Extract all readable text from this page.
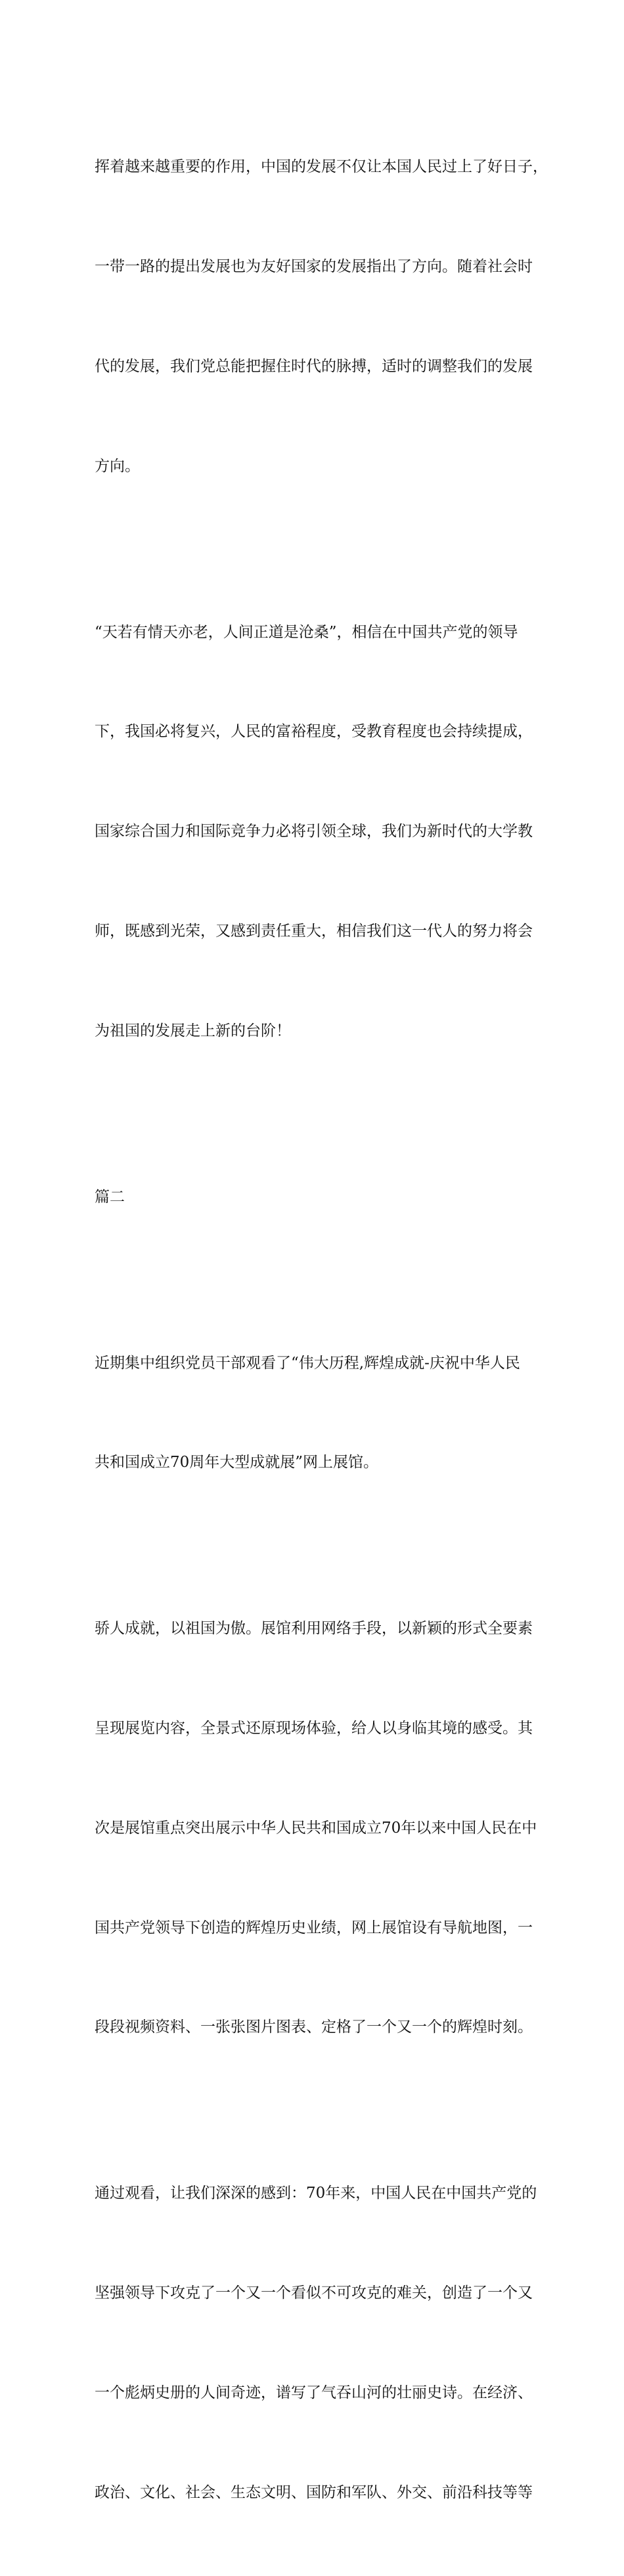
挥着越来越重要的作用，中国的发展不仅让本国人民过上了好日子，

一带一路的提出发展也为友好国家的发展指出了方向。随着社会时

代的发展，我们党总能把握住时代的脉搏，适时的调整我们的发展

方向。

“天若有情天亦老，人间正道是沧桑”，相信在中国共产党的领导

下，我国必将复兴，人民的富裕程度，受教育程度也会持续提成，

国家综合国力和国际竞争力必将引领全球，我们为新时代的大学教

师，既感到光荣，又感到责任重大，相信我们这一代人的努力将会

为祖国的发展走上新的台阶！

篇二

近期集中组织党员干部观看了“伟大历程,辉煌成就-庆祝中华人民

共和国成立70周年大型成就展”网上展馆。

骄人成就，以祖国为傲。展馆利用网络手段，以新颖的形式全要素

呈现展览内容，全景式还原现场体验，给人以身临其境的感受。其

次是展馆重点突出展示中华人民共和国成立70年以来中国人民在中

国共产党领导下创造的辉煌历史业绩，网上展馆设有导航地图，一

段段视频资料、一张张图片图表、定格了一个又一个的辉煌时刻。

通过观看，让我们深深的感到：70年来，中国人民在中国共产党的

坚强领导下攻克了一个又一个看似不可攻克的难关，创造了一个又

一个彪炳史册的人间奇迹，谱写了气吞山河的壮丽史诗。在经济、

政治、文化、社会、生态文明、国防和军队、外交、前沿科技等等
